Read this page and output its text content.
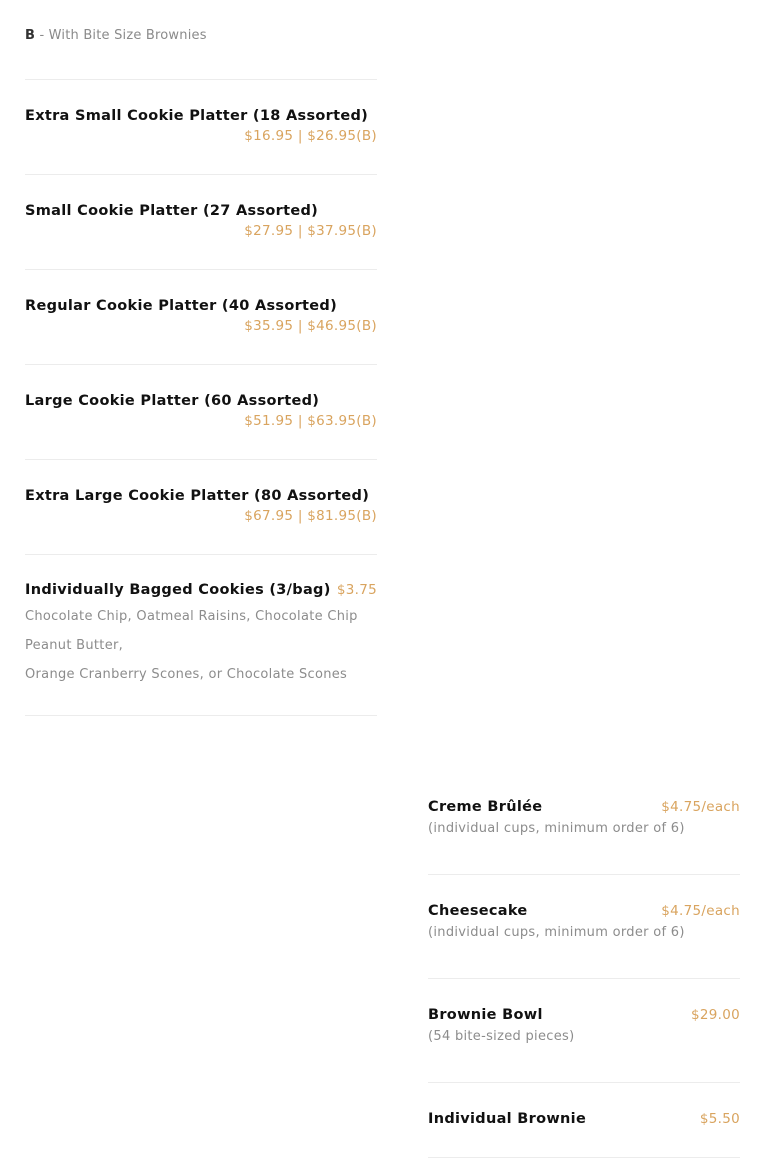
B - With Bite Size Brownies
Extra Small Cookie Platter (18 Assorted)
$16.95 | $26.95(B)
Small Cookie Platter (27 Assorted)
$27.95 | $37.95(B)
Regular Cookie Platter (40 Assorted)
$35.95 | $46.95(B)
Large Cookie Platter (60 Assorted)
$51.95 | $63.95(B)
Extra Large Cookie Platter (80 Assorted)
$67.95 | $81.95(B)
$3.75
Individually Bagged Cookies (3/bag)
Chocolate Chip, Oatmeal Raisins, Chocolate Chip Peanut Butter,
Orange Cranberry Scones, or Chocolate Scones
$4.75/each
Creme Brûlée
(individual cups, minimum order of 6)
$4.75/each
Cheesecake
(individual cups, minimum order of 6)
$29.00
Brownie Bowl
(54 bite-sized pieces)
$5.50
Individual Brownie
